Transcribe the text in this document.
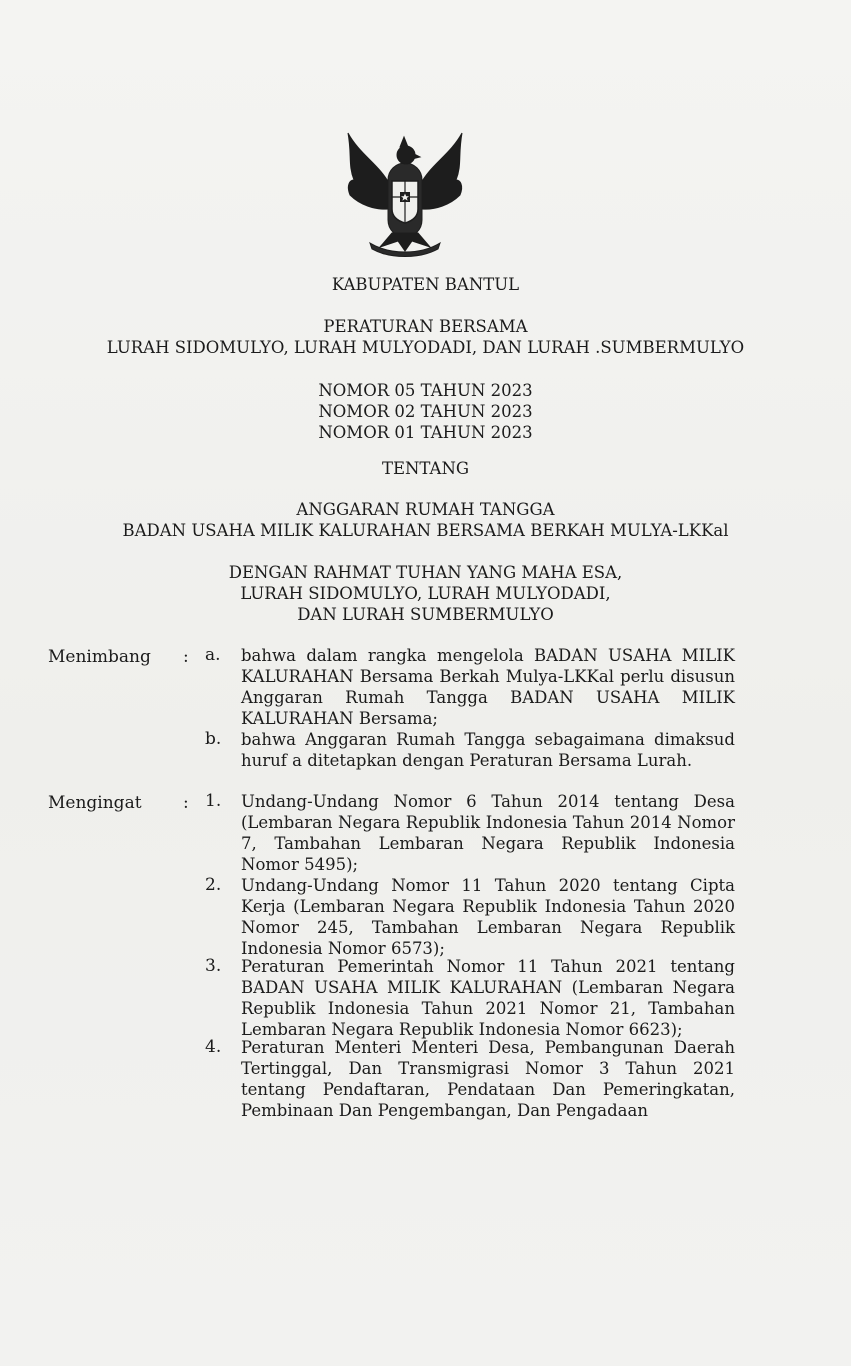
KABUPATEN BANTUL
PERATURAN BERSAMA
LURAH SIDOMULYO, LURAH MULYODADI, DAN LURAH .SUMBERMULYO
NOMOR 05 TAHUN 2023
NOMOR 02 TAHUN 2023
NOMOR 01 TAHUN 2023
TENTANG
ANGGARAN RUMAH TANGGA
BADAN USAHA MILIK KALURAHAN BERSAMA BERKAH MULYA-LKKal
DENGAN RAHMAT TUHAN YANG MAHA ESA,
LURAH SIDOMULYO, LURAH MULYODADI,
DAN LURAH SUMBERMULYO
Menimbang : a.	bahwa dalam rangka mengelola BADAN USAHA MILIK KALURAHAN Bersama Berkah Mulya-LKKal perlu disusun Anggaran Rumah Tangga BADAN USAHA MILIK KALURAHAN Bersama;
b.	bahwa Anggaran Rumah Tangga sebagaimana dimaksud huruf a ditetapkan dengan Peraturan Bersama Lurah.
Mengingat : 1.	Undang-Undang Nomor 6 Tahun 2014 tentang Desa (Lembaran Negara Republik Indonesia Tahun 2014 Nomor 7, Tambahan Lembaran Negara Republik Indonesia Nomor 5495);
2.	Undang-Undang Nomor 11 Tahun 2020 tentang Cipta Kerja (Lembaran Negara Republik Indonesia Tahun 2020 Nomor 245, Tambahan Lembaran Negara Republik Indonesia Nomor 6573);
3.	Peraturan Pemerintah Nomor 11 Tahun 2021 tentang BADAN USAHA MILIK KALURAHAN (Lembaran Negara Republik Indonesia Tahun 2021 Nomor 21, Tambahan Lembaran Negara Republik Indonesia Nomor 6623);
4.	Peraturan Menteri Menteri Desa, Pembangunan Daerah Tertinggal, Dan Transmigrasi Nomor 3 Tahun 2021 tentang Pendaftaran, Pendataan Dan Pemeringkatan, Pembinaan Dan Pengembangan, Dan Pengadaan
